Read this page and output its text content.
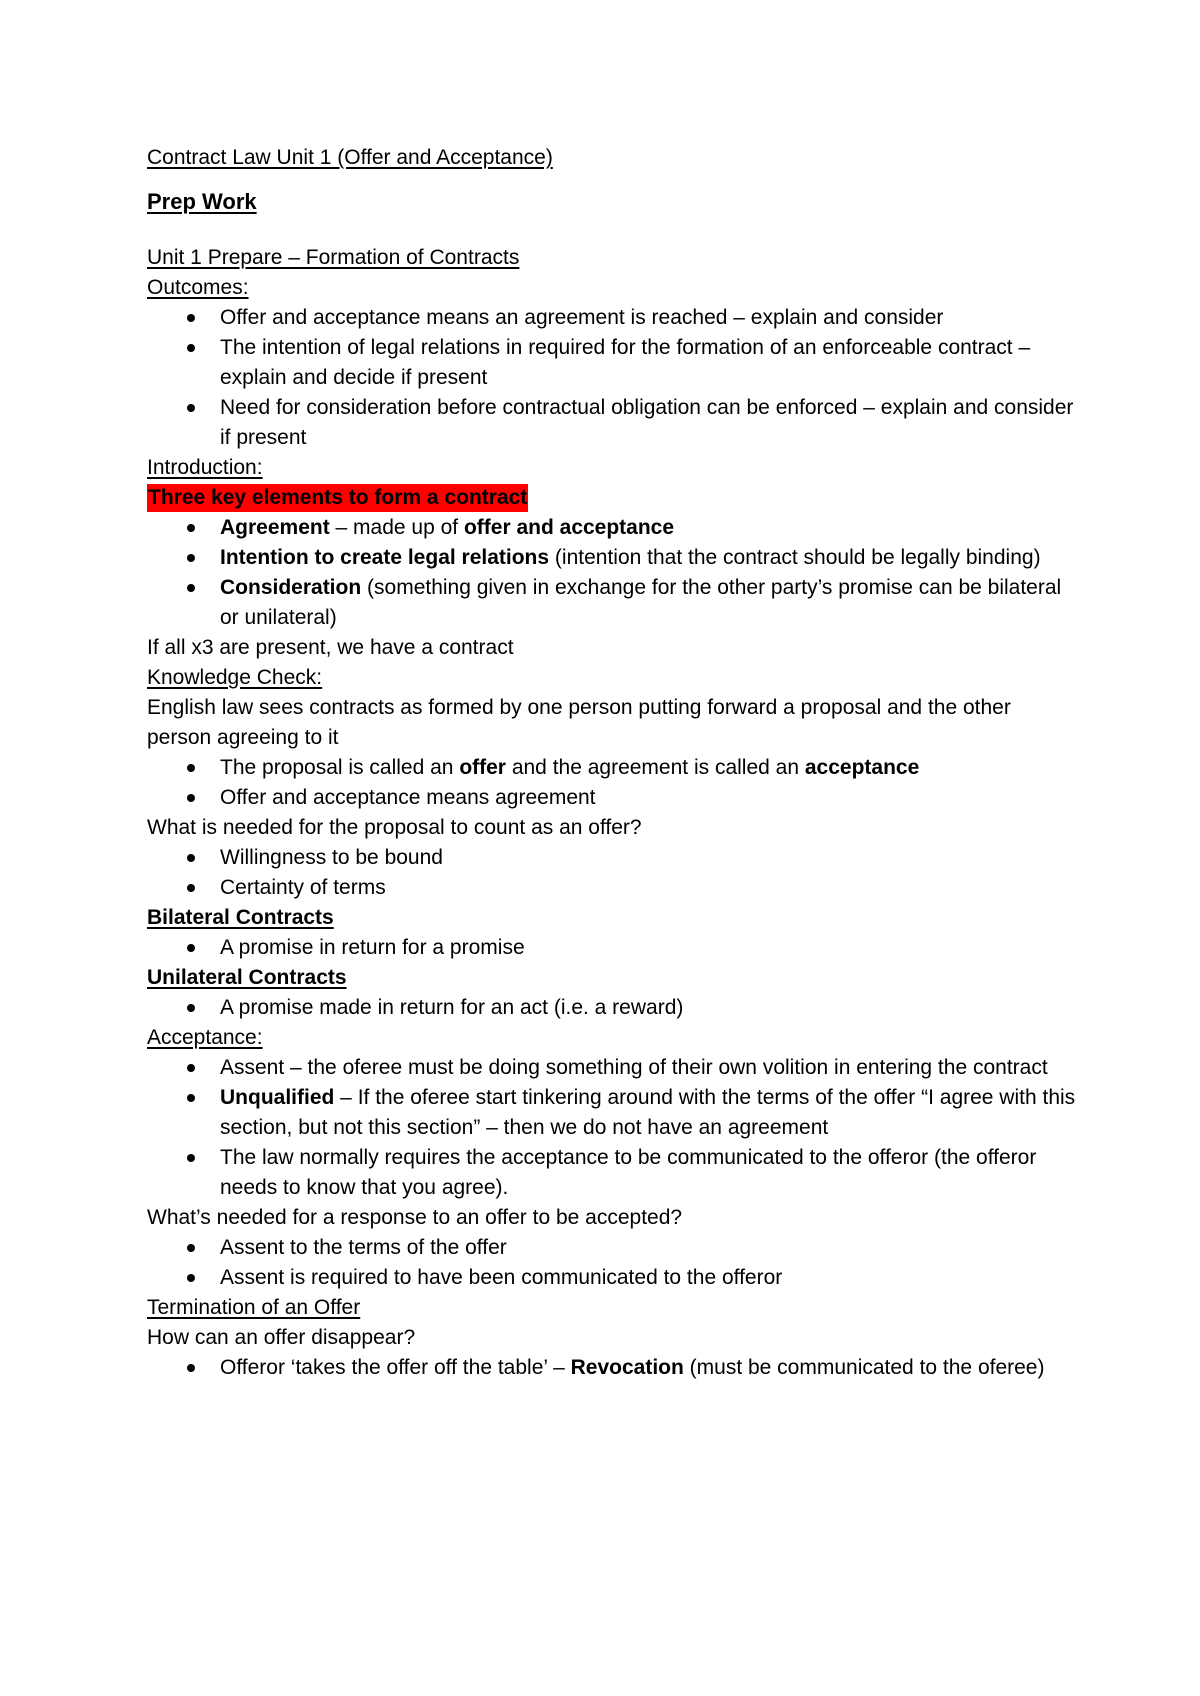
Contract Law Unit 1 (Offer and Acceptance)

Prep Work

Unit 1 Prepare – Formation of Contracts

Outcomes:

Offer and acceptance means an agreement is reached – explain and consider
The intention of legal relations in required for the formation of an enforceable contract – explain and decide if present
Need for consideration before contractual obligation can be enforced – explain and consider if present

Introduction:

Three key elements to form a contract

Agreement – made up of offer and acceptance
Intention to create legal relations (intention that the contract should be legally binding)
Consideration (something given in exchange for the other party’s promise can be bilateral or unilateral)

If all x3 are present, we have a contract

Knowledge Check:

English law sees contracts as formed by one person putting forward a proposal and the other person agreeing to it

The proposal is called an offer and the agreement is called an acceptance
Offer and acceptance means agreement

What is needed for the proposal to count as an offer?

Willingness to be bound
Certainty of terms

Bilateral Contracts

A promise in return for a promise

Unilateral Contracts

A promise made in return for an act (i.e. a reward)

Acceptance:

Assent – the oferee must be doing something of their own volition in entering the contract
Unqualified – If the oferee start tinkering around with the terms of the offer “I agree with this section, but not this section” – then we do not have an agreement
The law normally requires the acceptance to be communicated to the offeror (the offeror needs to know that you agree).

What’s needed for a response to an offer to be accepted?

Assent to the terms of the offer
Assent is required to have been communicated to the offeror

Termination of an Offer

How can an offer disappear?

Offeror ‘takes the offer off the table’ – Revocation (must be communicated to the oferee)
